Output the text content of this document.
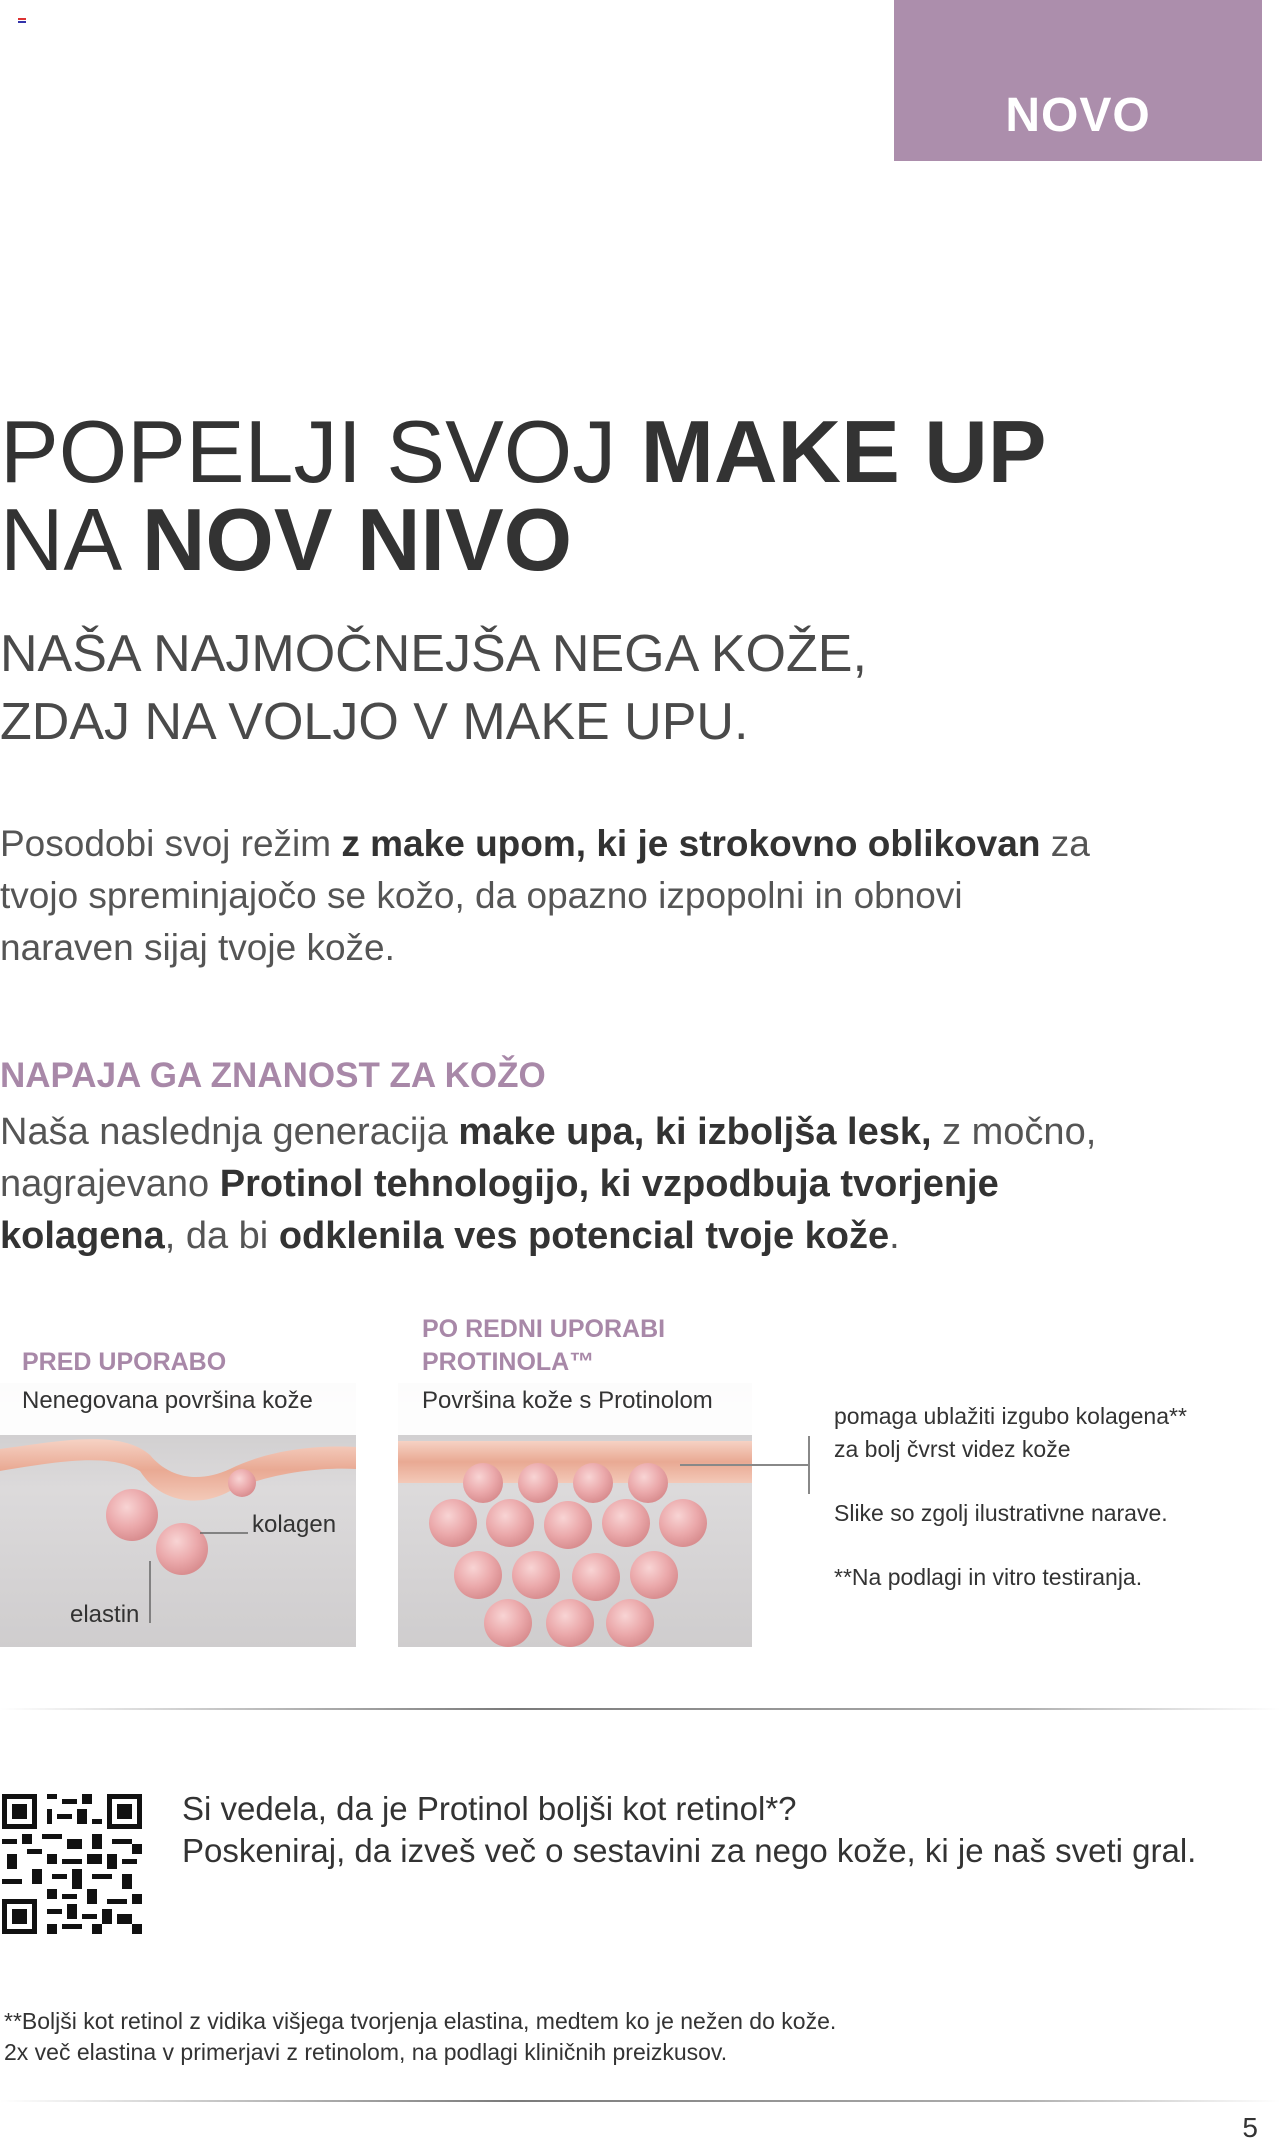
NOVO
POPELJI SVOJ MAKE UP
NA NOV NIVO
NAŠA NAJMOČNEJŠA NEGA KOŽE,
ZDAJ NA VOLJO V MAKE UPU.
Posodobi svoj režim z make upom, ki je strokovno oblikovan za tvojo spreminjajočo se kožo, da opazno izpopolni in obnovi naraven sijaj tvoje kože.
NAPAJA GA ZNANOST ZA KOŽO
Naša naslednja generacija make upa, ki izboljša lesk, z močno, nagrajevano Protinol tehnologijo, ki vzpodbuja tvorjenje kolagena, da bi odklenila ves potencial tvoje kože.
PRED UPORABO
Nenegovana površina kože
kolagen
elastin
PO REDNI UPORABI
PROTINOLA™
Površina kože s Protinolom
pomaga ublažiti izgubo kolagena**
za bolj čvrst videz kože
Slike so zgolj ilustrativne narave.
**Na podlagi in vitro testiranja.
Si vedela, da je Protinol boljši kot retinol*?
Poskeniraj, da izveš več o sestavini za nego kože, ki je naš sveti gral.
**Boljši kot retinol z vidika višjega tvorjenja elastina, medtem ko je nežen do kože.
2x več elastina v primerjavi z retinolom, na podlagi kliničnih preizkusov.
5
